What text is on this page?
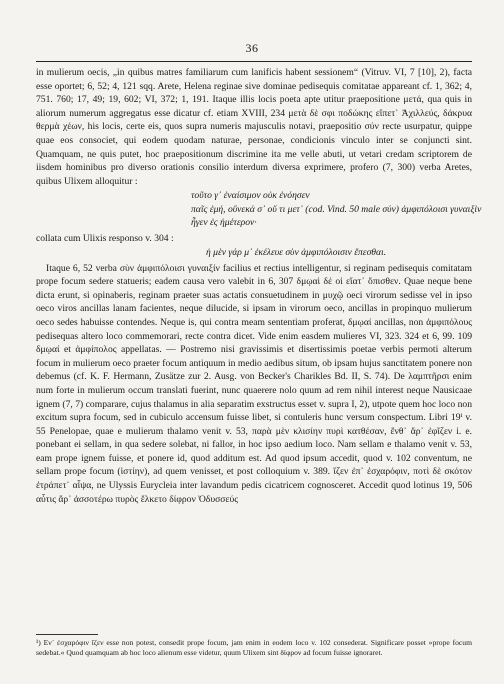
36

in mulierum oecis, „in quibus matres familiarum cum lanificis habent sessionem“ (Vitruv. VI, 7 [10], 2), facta esse oportet; 6, 52; 4, 121 sqq. Arete, Helena reginae sive dominae pedisequis comitatae appareant cf. 1, 362; 4, 751. 760; 17, 49; 19, 602; VI, 372; 1, 191. Itaque illis locis poeta apte utitur praepositione μετά, qua quis in aliorum numerum aggregatus esse dicatur cf. etiam XVIII, 234 μετὰ δὲ σφι ποδώκης εἵπετ᾽ Ἀχιλλεύς, δάκρυα θερμὰ χέων, his locis, certe eis, quos supra numeris majusculis notavi, praepositio σύν recte usurpatur, quippe quae eos consociet, qui eodem quodam naturae, personae, condicionis vinculo inter se conjuncti sint. Quamquam, ne quis putet, hoc praepositionum discrimine ita me velle abuti, ut vetari credam scriptorem de iisdem hominibus pro diverso orationis consilio interdum diversa exprimere, profero (7, 300) verba Aretes, quibus Ulixem alloquitur :

τοῦτο γ᾽ ἐναίσιμον οὐκ ἐνόησεν
παῖς ἐμή, οὕνεκά σ᾽ οὔ τι μετ᾽ (cod. Vind. 50 male σύν) ἀμφιπόλοισι γυναιξὶν
ἦγεν ἐς ἡμέτερον·

collata cum Ulixis responso v. 304 :

ἡ μὲν γάρ μ᾽ ἐκέλευε σὺν ἀμφιπόλοισιν ἕπεσθαι.

Itaque 6, 52 verba σὺν ἀμφιπόλοισι γυναιξίν facilius et rectius intelligentur, si reginam pedisequis comitatam prope focum sedere statueris; eadem causa vero valebit in 6, 307 δμῳαὶ δέ οἱ εἵατ᾽ ὄπισθεν. Quae neque bene dicta erunt, si opinaberis, reginam praeter suas actatis consuetudinem in μυχῷ oeci virorum sedisse vel in ipso oeco viros ancillas lanam facientes, neque dilucide, si ipsam in virorum oeco, ancillas in propinquo mulierum oeco sedes habuisse contendes. Neque is, qui contra meam sententiam proferat, δμῳαί ancillas, non ἀμφιπόλους pedisequas altero loco commemorari, recte contra dicet. Vide enim easdem mulieres VI, 323. 324 et 6, 99. 109 δμῳαί et ἀμφίπολος appellatas. — Postremo nisi gravissimis et disertissimis poetae verbis permoti alterum focum in mulierum oeco praeter focum antiquum in medio aedibus situm, ob ipsam hujus sanctitatem ponere non debemus (cf. K. F. Hermann, Zusätze zur 2. Ausg. von Becker's Charikles Bd. II, S. 74). De λαμπτῆρσι enim num forte in mulierum occum translati fuerint, nunc quaerere nolo quum ad rem nihil interest neque Nausicaae ignem (7, 7) comparare, cujus thalamus in alia separatim exstructus esset v. supra I, 2), utpote quem hoc loco non excitum supra focum, sed in cubiculo accensum fuisse libet, si contuleris hunc versum conspectum. Libri 19ⁱ v. 55 Penelopae, quae e mulierum thalamo venit v. 53, παρὰ μὲν κλισίην πυρὶ κατθέσαν, ἔνθ᾽ ἄρ᾽ ἐφῖζεν i. e. ponebant ei sellam, in qua sedere solebat, ni fallor, in hoc ipso aedium loco. Nam sellam e thalamo venit v. 53, eam prope ignem fuisse, et ponere id, quod additum est. Ad quod ipsum accedit, quod v. 102 conventum, ne sellam prope focum (ἱστίην), ad quem venisset, et post colloquium v. 389. ἴζεν ἐπ᾽ ἐσχαρόφιν, ποτὶ δὲ σκότον ἐτράπετ᾽ αἶψα, ne Ulyssis Eurycleia inter lavandum pedis cicatricem cognosceret. Accedit quod lotinus 19, 506 αὖτις ἄρ᾽ ἀσσοτέρω πυρὸς ἕλκετο δίφρον Ὀδυσσεύς

¹) Εν᾽ ἐσχαρόφιν ἴζεν esse non potest, consedit prope focum, jam enim in eodem loco v. 102 consederat. Significare posset »prope focum sedebat.« Quod quamquam ab hoc loco alienum esse videtur, quum Ulixem sint δίφρον ad focum fuisse ignoraret.
